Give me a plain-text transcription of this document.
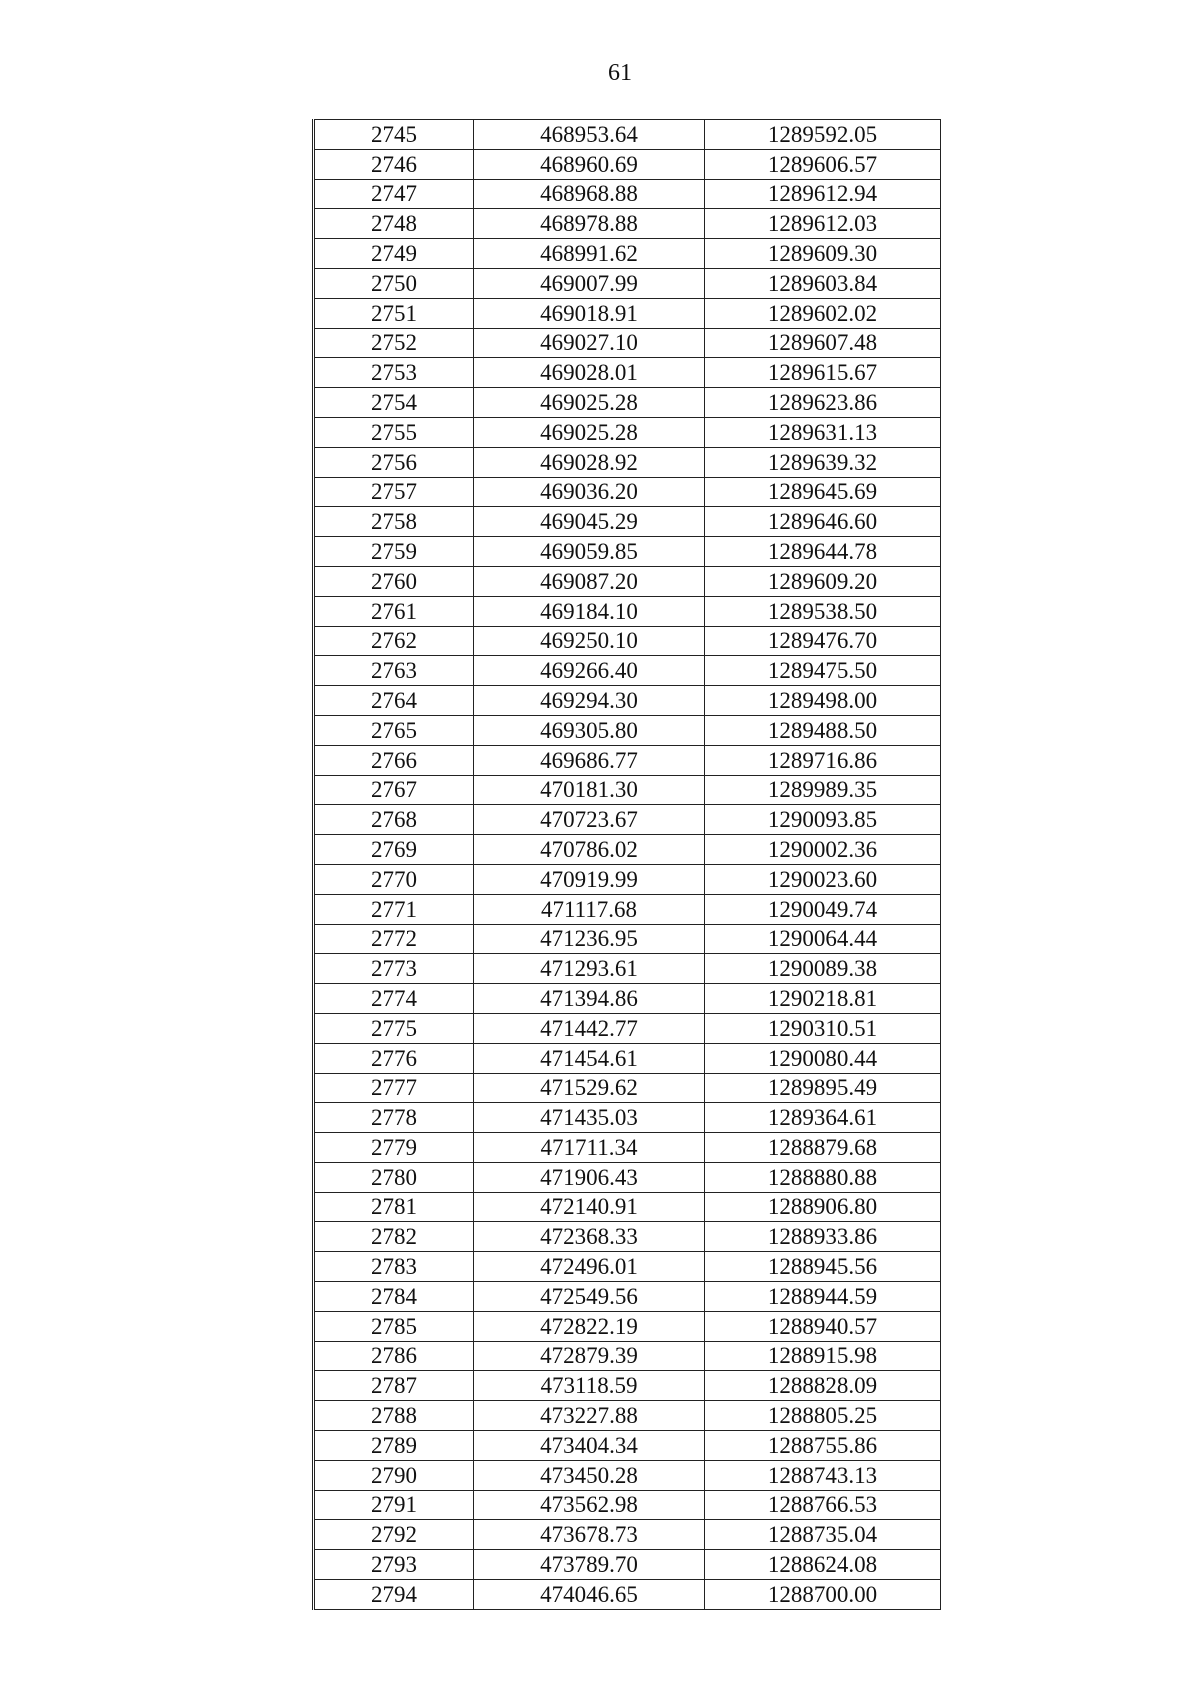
61
2745	468953.64	1289592.05
2746	468960.69	1289606.57
2747	468968.88	1289612.94
2748	468978.88	1289612.03
2749	468991.62	1289609.30
2750	469007.99	1289603.84
2751	469018.91	1289602.02
2752	469027.10	1289607.48
2753	469028.01	1289615.67
2754	469025.28	1289623.86
2755	469025.28	1289631.13
2756	469028.92	1289639.32
2757	469036.20	1289645.69
2758	469045.29	1289646.60
2759	469059.85	1289644.78
2760	469087.20	1289609.20
2761	469184.10	1289538.50
2762	469250.10	1289476.70
2763	469266.40	1289475.50
2764	469294.30	1289498.00
2765	469305.80	1289488.50
2766	469686.77	1289716.86
2767	470181.30	1289989.35
2768	470723.67	1290093.85
2769	470786.02	1290002.36
2770	470919.99	1290023.60
2771	471117.68	1290049.74
2772	471236.95	1290064.44
2773	471293.61	1290089.38
2774	471394.86	1290218.81
2775	471442.77	1290310.51
2776	471454.61	1290080.44
2777	471529.62	1289895.49
2778	471435.03	1289364.61
2779	471711.34	1288879.68
2780	471906.43	1288880.88
2781	472140.91	1288906.80
2782	472368.33	1288933.86
2783	472496.01	1288945.56
2784	472549.56	1288944.59
2785	472822.19	1288940.57
2786	472879.39	1288915.98
2787	473118.59	1288828.09
2788	473227.88	1288805.25
2789	473404.34	1288755.86
2790	473450.28	1288743.13
2791	473562.98	1288766.53
2792	473678.73	1288735.04
2793	473789.70	1288624.08
2794	474046.65	1288700.00
